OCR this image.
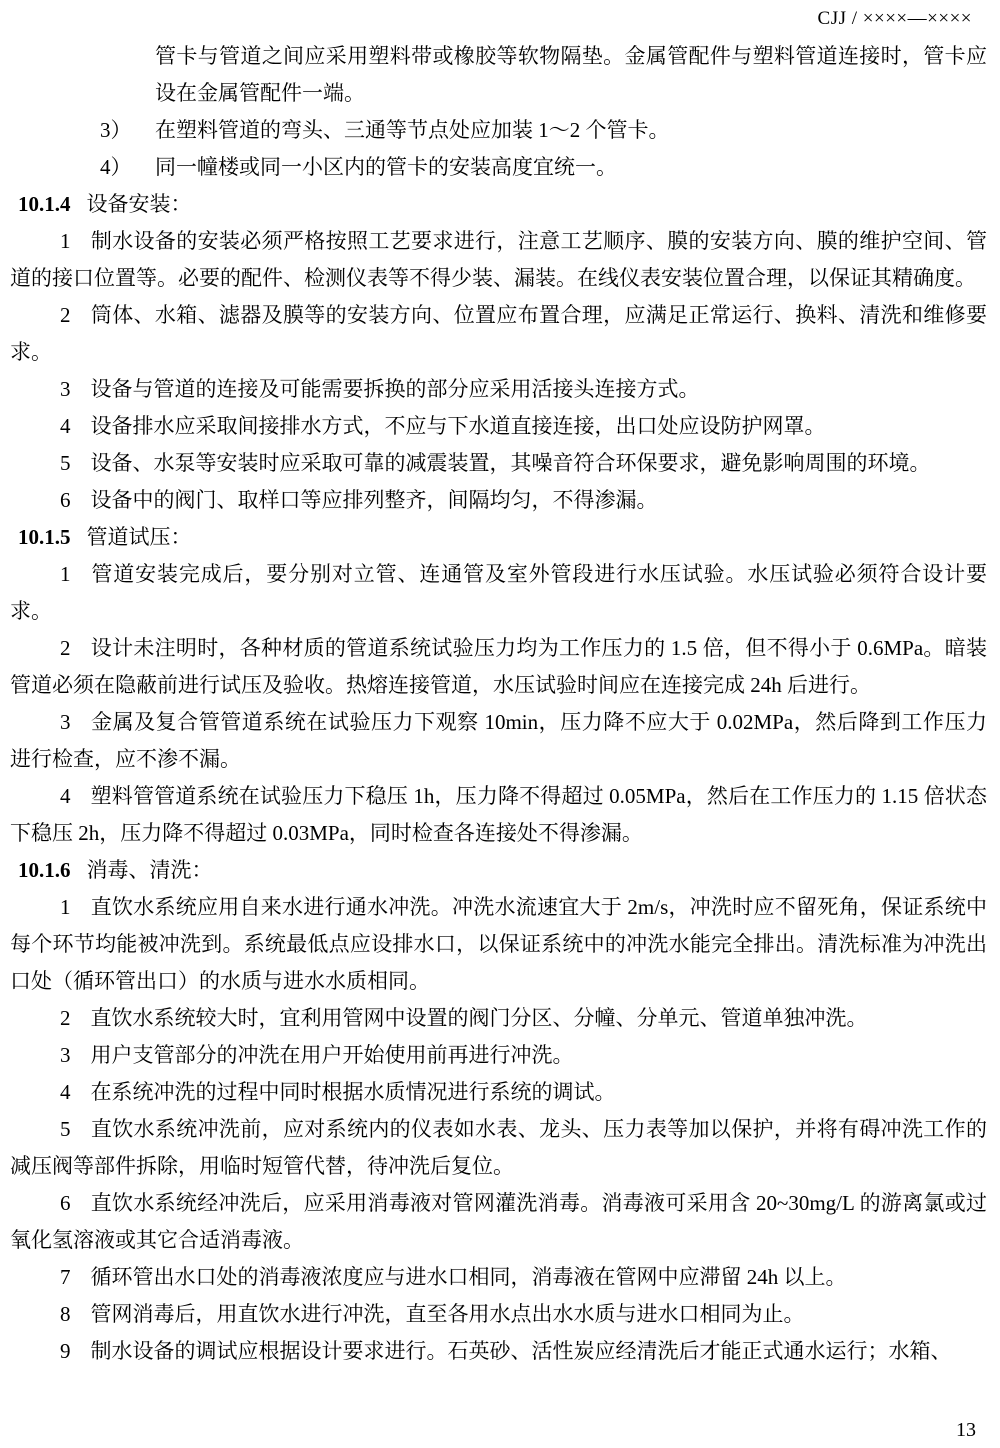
CJJ / ××××—××××

管卡与管道之间应采用塑料带或橡胶等软物隔垫。金属管配件与塑料管道连接时，管卡应设在金属管配件一端。

3） 在塑料管道的弯头、三通等节点处应加装 1～2 个管卡。

4） 同一幢楼或同一小区内的管卡的安装高度宜统一。

10.1.4 设备安装：

1 制水设备的安装必须严格按照工艺要求进行，注意工艺顺序、膜的安装方向、膜的维护空间、管道的接口位置等。必要的配件、检测仪表等不得少装、漏装。在线仪表安装位置合理，以保证其精确度。

2 筒体、水箱、滤器及膜等的安装方向、位置应布置合理，应满足正常运行、换料、清洗和维修要求。

3 设备与管道的连接及可能需要拆换的部分应采用活接头连接方式。

4 设备排水应采取间接排水方式，不应与下水道直接连接，出口处应设防护网罩。

5 设备、水泵等安装时应采取可靠的减震装置，其噪音符合环保要求，避免影响周围的环境。

6 设备中的阀门、取样口等应排列整齐，间隔均匀，不得渗漏。

10.1.5 管道试压：

1 管道安装完成后，要分别对立管、连通管及室外管段进行水压试验。水压试验必须符合设计要求。

2 设计未注明时，各种材质的管道系统试验压力均为工作压力的 1.5 倍，但不得小于 0.6MPa。暗装管道必须在隐蔽前进行试压及验收。热熔连接管道，水压试验时间应在连接完成 24h 后进行。

3 金属及复合管管道系统在试验压力下观察 10min，压力降不应大于 0.02MPa，然后降到工作压力进行检查，应不渗不漏。

4 塑料管管道系统在试验压力下稳压 1h，压力降不得超过 0.05MPa，然后在工作压力的 1.15 倍状态下稳压 2h，压力降不得超过 0.03MPa，同时检查各连接处不得渗漏。

10.1.6 消毒、清洗：

1 直饮水系统应用自来水进行通水冲洗。冲洗水流速宜大于 2m/s，冲洗时应不留死角，保证系统中每个环节均能被冲洗到。系统最低点应设排水口，以保证系统中的冲洗水能完全排出。清洗标准为冲洗出口处（循环管出口）的水质与进水水质相同。

2 直饮水系统较大时，宜利用管网中设置的阀门分区、分幢、分单元、管道单独冲洗。

3 用户支管部分的冲洗在用户开始使用前再进行冲洗。

4 在系统冲洗的过程中同时根据水质情况进行系统的调试。

5 直饮水系统冲洗前，应对系统内的仪表如水表、龙头、压力表等加以保护，并将有碍冲洗工作的减压阀等部件拆除，用临时短管代替，待冲洗后复位。

6 直饮水系统经冲洗后，应采用消毒液对管网灌洗消毒。消毒液可采用含 20~30mg/L 的游离氯或过氧化氢溶液或其它合适消毒液。

7 循环管出水口处的消毒液浓度应与进水口相同，消毒液在管网中应滞留 24h 以上。

8 管网消毒后，用直饮水进行冲洗，直至各用水点出水水质与进水口相同为止。

9 制水设备的调试应根据设计要求进行。石英砂、活性炭应经清洗后才能正式通水运行；水箱、

13
